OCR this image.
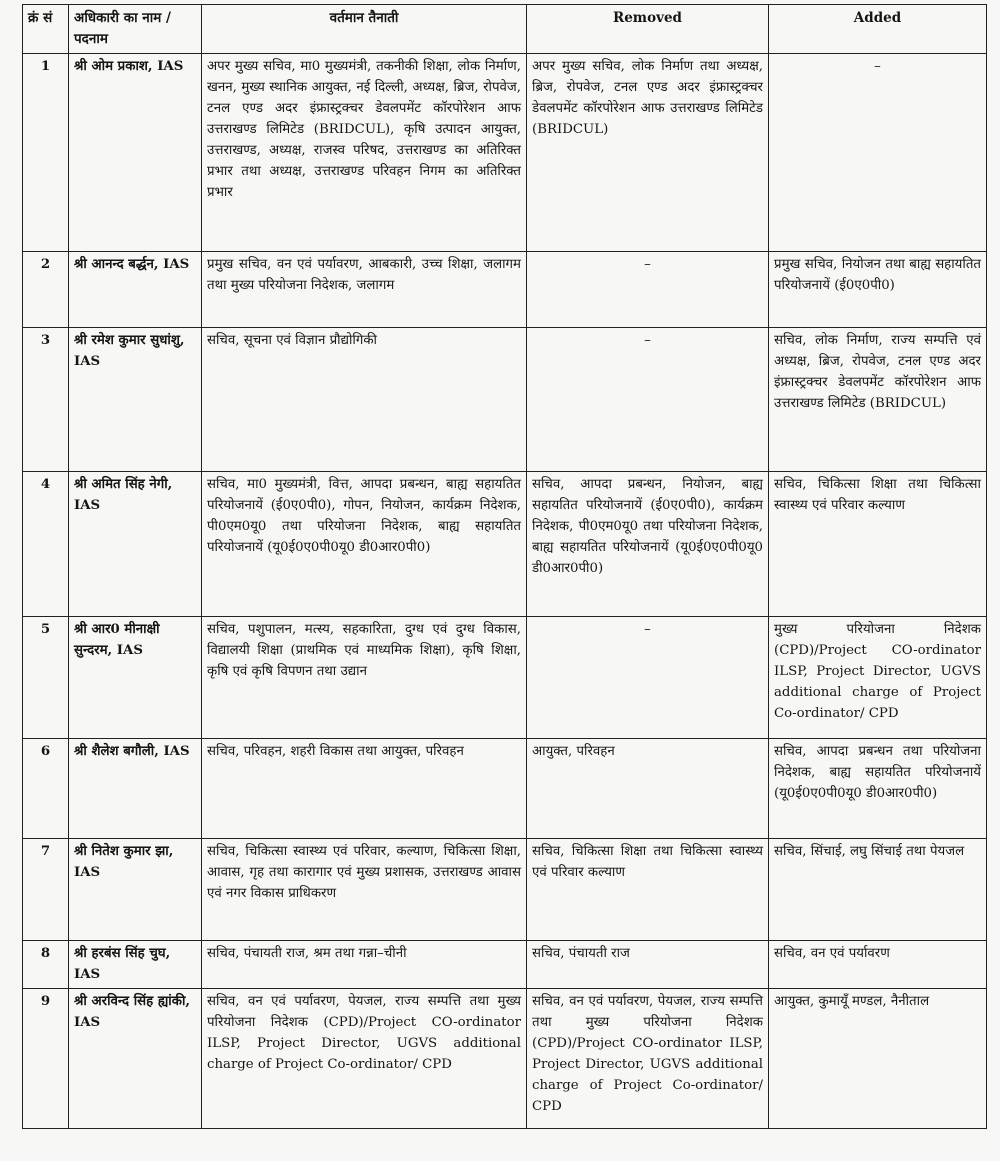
क्रं सं	अधिकारी का नाम /पदनाम	वर्तमान तैनाती	Removed	Added
1	श्री ओम प्रकाश, IAS	अपर मुख्य सचिव, मा0 मुख्यमंत्री, तकनीकी शिक्षा, लोक निर्माण, खनन, मुख्य स्थानिक आयुक्त, नई दिल्ली, अध्यक्ष, ब्रिज, रोपवेज, टनल एण्ड अदर इंफ्रास्ट्रक्चर डेवलपमेंट कॉरपोरेशन आफ उत्तराखण्ड लिमिटेड (BRIDCUL), कृषि उत्पादन आयुक्त, उत्तराखण्ड, अध्यक्ष, राजस्व परिषद, उत्तराखण्ड का अतिरिक्त प्रभार तथा अध्यक्ष, उत्तराखण्ड परिवहन निगम का अतिरिक्त प्रभार	अपर मुख्य सचिव, लोक निर्माण तथा अध्यक्ष, ब्रिज, रोपवेज, टनल एण्ड अदर इंफ्रास्ट्रक्चर डेवलपमेंट कॉरपोरेशन आफ उत्तराखण्ड लिमिटेड (BRIDCUL)	–
2	श्री आनन्द बर्द्धन, IAS	प्रमुख सचिव, वन एवं पर्यावरण, आबकारी, उच्च शिक्षा, जलागम तथा मुख्य परियोजना निदेशक, जलागम	–	प्रमुख सचिव, नियोजन तथा बाह्य सहायतित परियोजनायें (ई0ए0पी0)
3	श्री रमेश कुमार सुधांशु, IAS	सचिव, सूचना एवं विज्ञान प्रौद्योगिकी	–	सचिव, लोक निर्माण, राज्य सम्पत्ति एवं अध्यक्ष, ब्रिज, रोपवेज, टनल एण्ड अदर इंफ्रास्ट्रक्चर डेवलपमेंट कॉरपोरेशन आफ उत्तराखण्ड लिमिटेड (BRIDCUL)
4	श्री अमित सिंह नेगी, IAS	सचिव, मा0 मुख्यमंत्री, वित्त, आपदा प्रबन्धन, बाह्य सहायतित परियोजनायें (ई0ए0पी0), गोपन, नियोजन, कार्यक्रम निदेशक, पी0एम0यू0 तथा परियोजना निदेशक, बाह्य सहायतित परियोजनायें (यू0ई0ए0पी0यू0 डी0आर0पी0)	सचिव, आपदा प्रबन्धन, नियोजन, बाह्य सहायतित परियोजनायें (ई0ए0पी0), कार्यक्रम निदेशक, पी0एम0यू0 तथा परियोजना निदेशक, बाह्य सहायतित परियोजनायें (यू0ई0ए0पी0यू0 डी0आर0पी0)	सचिव, चिकित्सा शिक्षा तथा चिकित्सा स्वास्थ्य एवं परिवार कल्याण
5	श्री आर0 मीनाक्षी सुन्दरम, IAS	सचिव, पशुपालन, मत्स्य, सहकारिता, दुग्ध एवं दुग्ध विकास, विद्यालयी शिक्षा (प्राथमिक एवं माध्यमिक शिक्षा), कृषि शिक्षा, कृषि एवं कृषि विपणन तथा उद्यान	–	मुख्य परियोजना निदेशक (CPD)/Project CO-ordinator ILSP, Project Director, UGVS additional charge of Project Co-ordinator/ CPD
6	श्री शैलेश बगौली, IAS	सचिव, परिवहन, शहरी विकास तथा आयुक्त, परिवहन	आयुक्त, परिवहन	सचिव, आपदा प्रबन्धन तथा परियोजना निदेशक, बाह्य सहायतित परियोजनायें (यू0ई0ए0पी0यू0 डी0आर0पी0)
7	श्री नितेश कुमार झा, IAS	सचिव, चिकित्सा स्वास्थ्य एवं परिवार, कल्याण, चिकित्सा शिक्षा, आवास, गृह तथा कारागार एवं मुख्य प्रशासक, उत्तराखण्ड आवास एवं नगर विकास प्राधिकरण	सचिव, चिकित्सा शिक्षा तथा चिकित्सा स्वास्थ्य एवं परिवार कल्याण	सचिव, सिंचाई, लघु सिंचाई तथा पेयजल
8	श्री हरबंस सिंह चुघ, IAS	सचिव, पंचायती राज, श्रम तथा गन्ना–चीनी	सचिव, पंचायती राज	सचिव, वन एवं पर्यावरण
9	श्री अरविन्द सिंह ह्यांकी, IAS	सचिव, वन एवं पर्यावरण, पेयजल, राज्य सम्पत्ति तथा मुख्य परियोजना निदेशक (CPD)/Project CO-ordinator ILSP, Project Director, UGVS additional charge of Project Co-ordinator/ CPD	सचिव, वन एवं पर्यावरण, पेयजल, राज्य सम्पत्ति तथा मुख्य परियोजना निदेशक (CPD)/Project CO-ordinator ILSP, Project Director, UGVS additional charge of Project Co-ordinator/ CPD	आयुक्त, कुमायूँ मण्डल, नैनीताल
